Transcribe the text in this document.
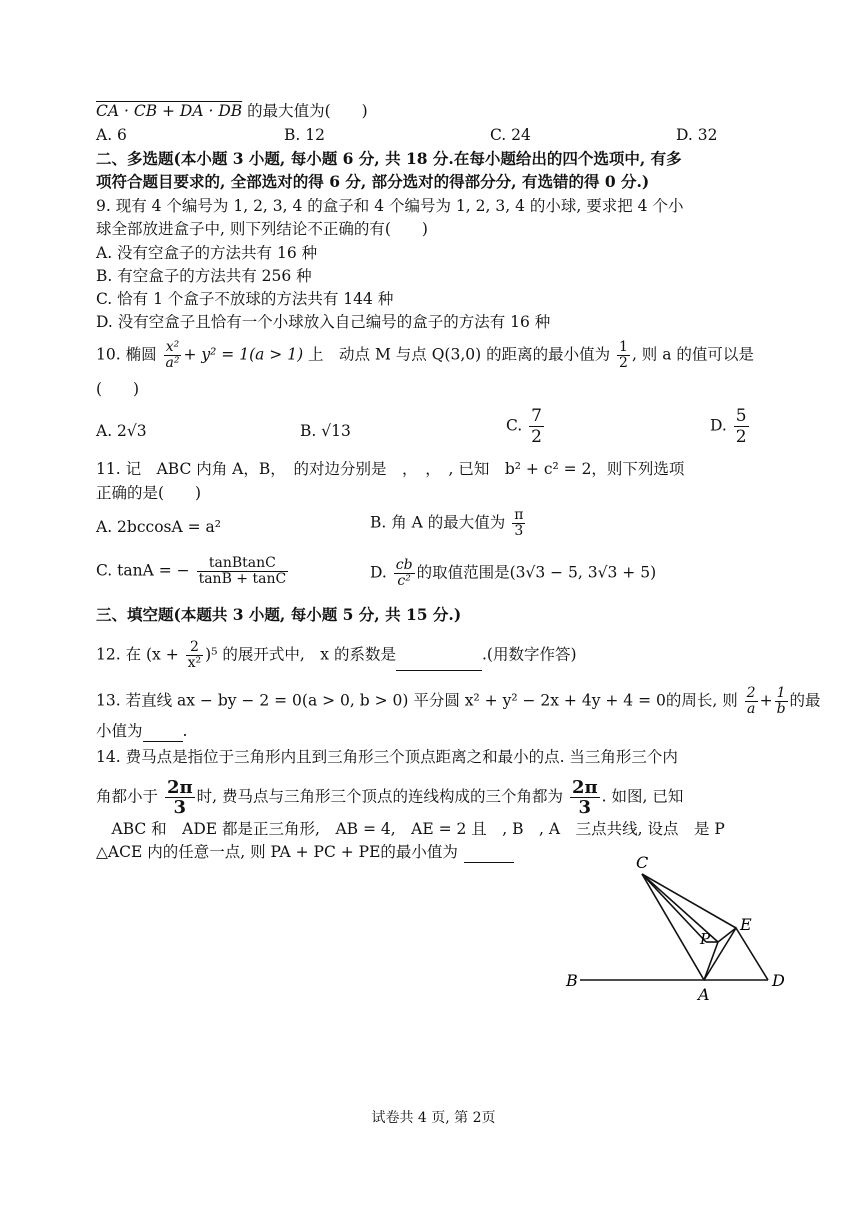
CA · CB + DA · DB 的最大值为(　　)
A. 6	B. 12	C. 24	D. 32
二、多选题(本小题 3 小题, 每小题 6 分, 共 18 分.在每小题给出的四个选项中, 有多
项符合题目要求的, 全部选对的得 6 分, 部分选对的得部分分, 有选错的得 0 分.)
9. 现有 4 个编号为 1, 2, 3, 4 的盒子和 4 个编号为 1, 2, 3, 4 的小球, 要求把 4 个小
球全部放进盒子中, 则下列结论不正确的有(　　)
A. 没有空盒子的方法共有 16 种
B. 有空盒子的方法共有 256 种
C. 恰有 1 个盒子不放球的方法共有 144 种
D. 没有空盒子且恰有一个小球放入自己编号的盒子的方法有 16 种
10. 椭圆 $\frac{\text{x²}}{\text{a²}} + y^2 = 1(a > 1)$ 上　动点 M 与点 Q(3,0) 的距离的最小值为 $\frac{1}{2}$ , 则 a 的值可以是
(　　)
A. 2√3	B. √13	C. $\frac{7}{2}$	D. $\frac{5}{2}$
11. 记　ABC 内角 A，B，　的对边分别是　，　，　, 已知　b² + c² = 2，则下列选项
正确的是(　　)
A. 2bccosA = a²	B. 角 A 的最大值为 $\frac{\pi}{3}$
C. tanA = − $\frac{\text{tanBtanC}}{\tan B + \tan C}$	D. $\frac{cb}{\text{c²}}$ 的取值范围是(3√3 − 5, 3√3 + 5)
三、填空题(本题共 3 小题, 每小题 5 分, 共 15 分.)
12. 在 $(x + \frac{2}{\text{x²}} )^5$ 的展开式中,　x 的系数是	.(用数字作答)
13. 若直线 ax − by − 2 = 0(a > 0, b > 0) 平分圆 x² + y² − 2x + 4y + 4 = 0的周长, 则 $\frac{2}{a} + \frac{1}{b}$ 的最
小值为	.
14. 费马点是指位于三角形内且到三角形三个顶点距离之和最小的点. 当三角形三个内
角都小于 $\frac{2\pi}{3}$ 时, 费马点与三角形三个顶点的连线构成的三个角都为 $\frac{2\pi}{3}$ . 如图, 已知
　ABC 和　ADE 都是正三角形,　AB = 4,　AE = 2 且　, B　, A　三点共线, 设点　是 P
△ACE 内的任意一点, 则 PA + PC + PE的最小值为
C
E
P
B
A
D
试卷共 4 页, 第 2页
